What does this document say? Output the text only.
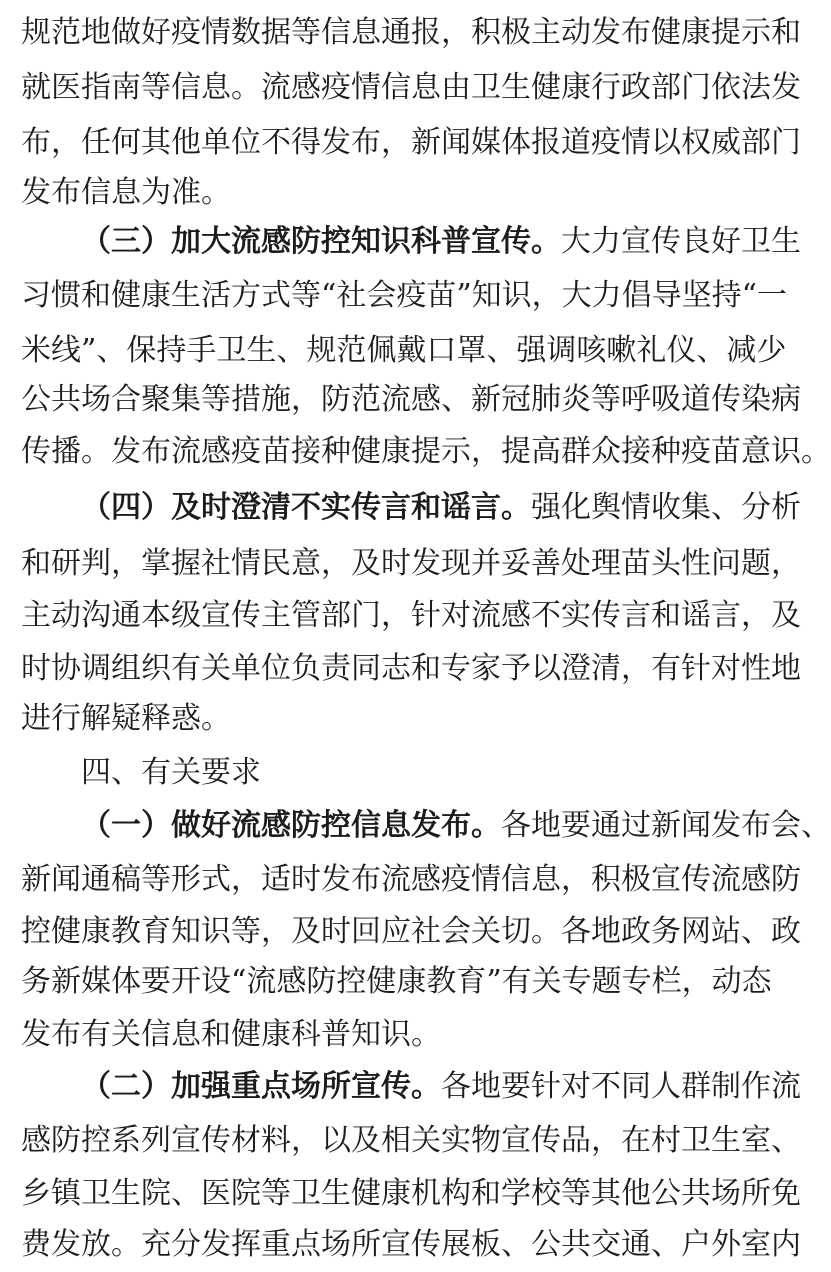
规范地做好疫情数据等信息通报，积极主动发布健康提示和
就医指南等信息。流感疫情信息由卫生健康行政部门依法发
布，任何其他单位不得发布，新闻媒体报道疫情以权威部门
发布信息为准。
（三）加大流感防控知识科普宣传。大力宣传良好卫生
习惯和健康生活方式等“社会疫苗”知识，大力倡导坚持“一
米线”、保持手卫生、规范佩戴口罩、强调咳嗽礼仪、减少
公共场合聚集等措施，防范流感、新冠肺炎等呼吸道传染病
传播。发布流感疫苗接种健康提示，提高群众接种疫苗意识。
（四）及时澄清不实传言和谣言。强化舆情收集、分析
和研判，掌握社情民意，及时发现并妥善处理苗头性问题，
主动沟通本级宣传主管部门，针对流感不实传言和谣言，及
时协调组织有关单位负责同志和专家予以澄清，有针对性地
进行解疑释惑。
四、有关要求
（一）做好流感防控信息发布。各地要通过新闻发布会、
新闻通稿等形式，适时发布流感疫情信息，积极宣传流感防
控健康教育知识等，及时回应社会关切。各地政务网站、政
务新媒体要开设“流感防控健康教育”有关专题专栏，动态
发布有关信息和健康科普知识。
（二）加强重点场所宣传。各地要针对不同人群制作流
感防控系列宣传材料，以及相关实物宣传品，在村卫生室、
乡镇卫生院、医院等卫生健康机构和学校等其他公共场所免
费发放。充分发挥重点场所宣传展板、公共交通、户外室内
